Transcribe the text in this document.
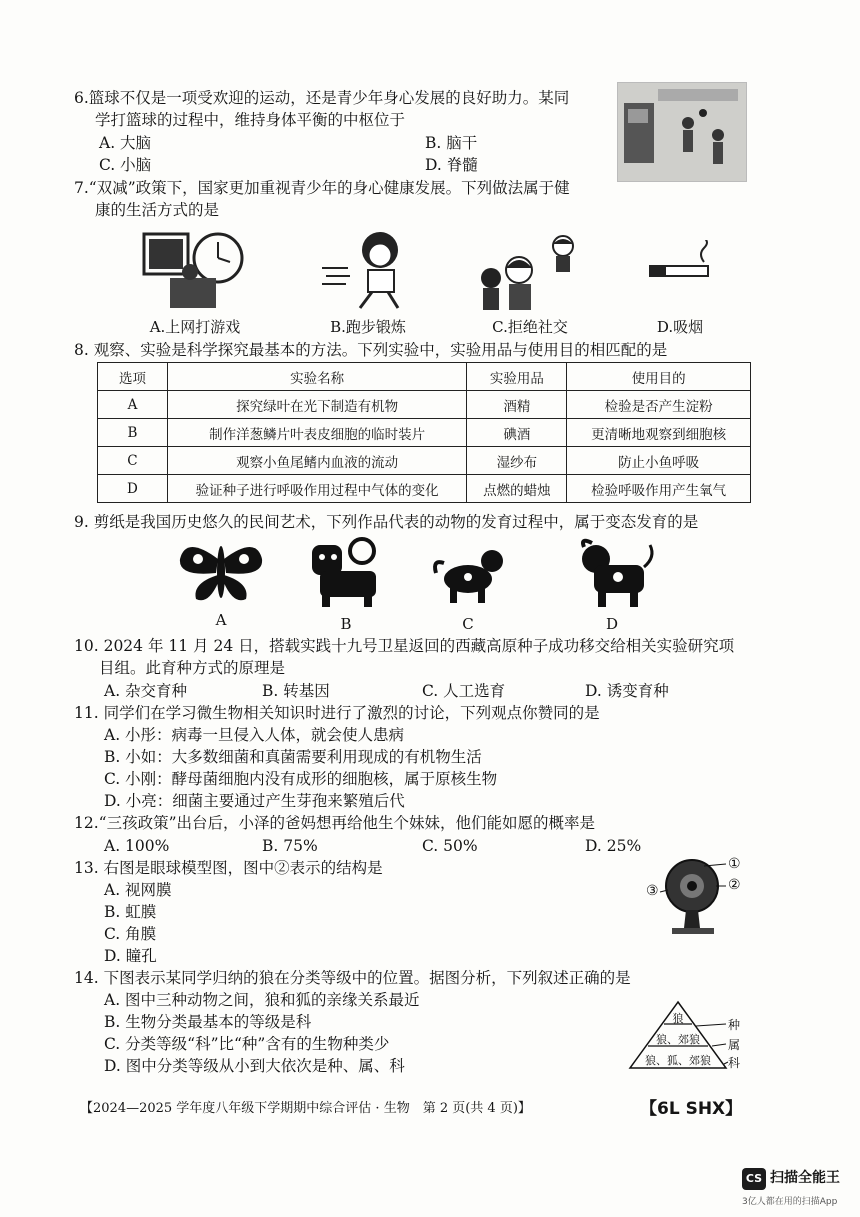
6.篮球不仅是一项受欢迎的运动，还是青少年身心发展的良好助力。某同
学打篮球的过程中，维持身体平衡的中枢位于
A. 大脑	B. 脑干
C. 小脑	D. 脊髓
7.“双减”政策下，国家更加重视青少年的身心健康发展。下列做法属于健
康的生活方式的是
A.上网打游戏	B.跑步锻炼	C.拒绝社交	D.吸烟
8. 观察、实验是科学探究最基本的方法。下列实验中，实验用品与使用目的相匹配的是
选项	实验名称	实验用品	使用目的
A	探究绿叶在光下制造有机物	酒精	检验是否产生淀粉
B	制作洋葱鳞片叶表皮细胞的临时装片	碘酒	更清晰地观察到细胞核
C	观察小鱼尾鳍内血液的流动	湿纱布	防止小鱼呼吸
D	验证种子进行呼吸作用过程中气体的变化	点燃的蜡烛	检验呼吸作用产生氧气
9. 剪纸是我国历史悠久的民间艺术，下列作品代表的动物的发育过程中，属于变态发育的是
A	B	C	D
10. 2024 年 11 月 24 日，搭载实践十九号卫星返回的西藏高原种子成功移交给相关实验研究项
目组。此育种方式的原理是
A. 杂交育种	B. 转基因	C. 人工选育	D. 诱变育种
11. 同学们在学习微生物相关知识时进行了激烈的讨论，下列观点你赞同的是
A. 小彤：病毒一旦侵入人体，就会使人患病
B. 小如：大多数细菌和真菌需要利用现成的有机物生活
C. 小刚：酵母菌细胞内没有成形的细胞核，属于原核生物
D. 小亮：细菌主要通过产生芽孢来繁殖后代
12.“三孩政策”出台后，小泽的爸妈想再给他生个妹妹，他们能如愿的概率是
A. 100%	B. 75%	C. 50%	D. 25%
13. 右图是眼球模型图，图中②表示的结构是
A. 视网膜
B. 虹膜
C. 角膜
D. 瞳孔
①
②
③
14. 下图表示某同学归纳的狼在分类等级中的位置。据图分析，下列叙述正确的是
A. 图中三种动物之间，狼和狐的亲缘关系最近
B. 生物分类最基本的等级是科
C. 分类等级“科”比“种”含有的生物种类少
D. 图中分类等级从小到大依次是种、属、科
狼
狼、郊狼
狼、狐、郊狼
种
属
科
【2024—2025 学年度八年级下学期期中综合评估 · 生物　第 2 页(共 4 页)】	【6L SHX】
CS 扫描全能王
3亿人都在用的扫描App
